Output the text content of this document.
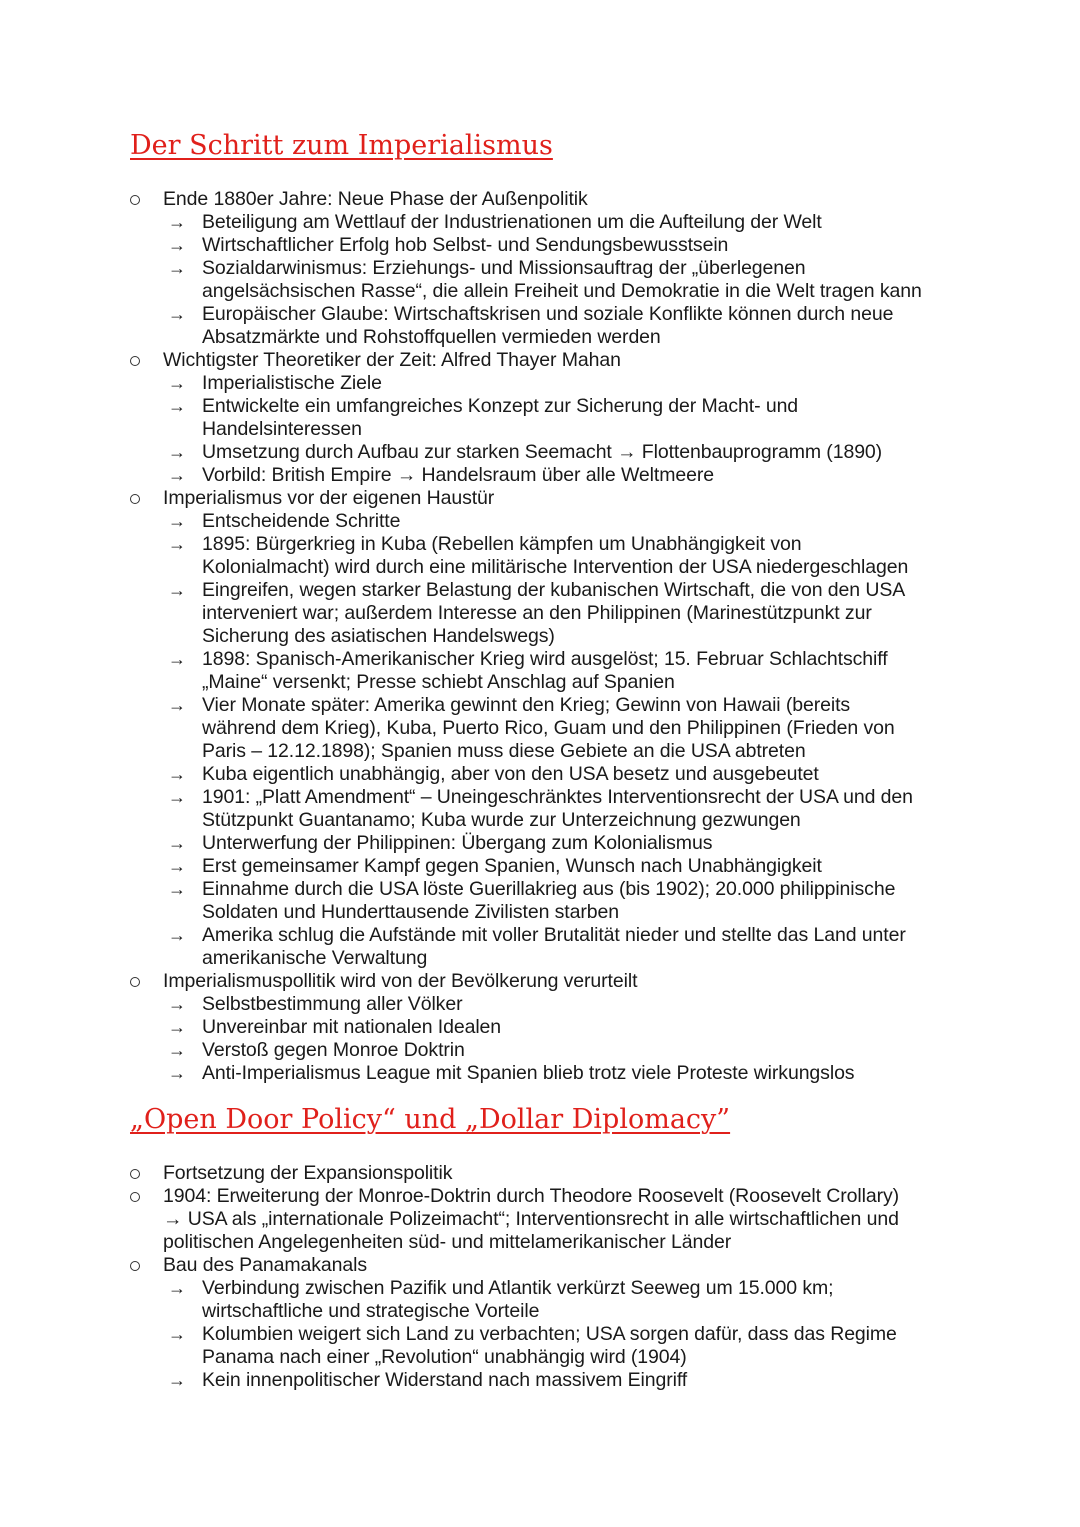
Der Schritt zum Imperialismus
Ende 1880er Jahre: Neue Phase der Außenpolitik
→ Beteiligung am Wettlauf der Industrienationen um die Aufteilung der Welt
→ Wirtschaftlicher Erfolg hob Selbst- und Sendungsbewusstsein
→ Sozialdarwinismus: Erziehungs- und Missionsauftrag der „überlegenen
angelsächsischen Rasse“, die allein Freiheit und Demokratie in die Welt tragen kann
→ Europäischer Glaube: Wirtschaftskrisen und soziale Konflikte können durch neue
Absatzmärkte und Rohstoffquellen vermieden werden
Wichtigster Theoretiker der Zeit: Alfred Thayer Mahan
→ Imperialistische Ziele
→ Entwickelte ein umfangreiches Konzept zur Sicherung der Macht- und
Handelsinteressen
→ Umsetzung durch Aufbau zur starken Seemacht → Flottenbauprogramm (1890)
→ Vorbild: British Empire → Handelsraum über alle Weltmeere
Imperialismus vor der eigenen Haustür
→ Entscheidende Schritte
→ 1895: Bürgerkrieg in Kuba (Rebellen kämpfen um Unabhängigkeit von
Kolonialmacht) wird durch eine militärische Intervention der USA niedergeschlagen
→ Eingreifen, wegen starker Belastung der kubanischen Wirtschaft, die von den USA
interveniert war; außerdem Interesse an den Philippinen (Marinestützpunkt zur
Sicherung des asiatischen Handelswegs)
→ 1898: Spanisch-Amerikanischer Krieg wird ausgelöst; 15. Februar Schlachtschiff
„Maine“ versenkt; Presse schiebt Anschlag auf Spanien
→ Vier Monate später: Amerika gewinnt den Krieg; Gewinn von Hawaii (bereits
während dem Krieg), Kuba, Puerto Rico, Guam und den Philippinen (Frieden von
Paris – 12.12.1898); Spanien muss diese Gebiete an die USA abtreten
→ Kuba eigentlich unabhängig, aber von den USA besetz und ausgebeutet
→ 1901: „Platt Amendment“ – Uneingeschränktes Interventionsrecht der USA und den
Stützpunkt Guantanamo; Kuba wurde zur Unterzeichnung gezwungen
→ Unterwerfung der Philippinen: Übergang zum Kolonialismus
→ Erst gemeinsamer Kampf gegen Spanien, Wunsch nach Unabhängigkeit
→ Einnahme durch die USA löste Guerillakrieg aus (bis 1902); 20.000 philippinische
Soldaten und Hunderttausende Zivilisten starben
→ Amerika schlug die Aufstände mit voller Brutalität nieder und stellte das Land unter
amerikanische Verwaltung
Imperialismuspollitik wird von der Bevölkerung verurteilt
→ Selbstbestimmung aller Völker
→ Unvereinbar mit nationalen Idealen
→ Verstoß gegen Monroe Doktrin
→ Anti-Imperialismus League mit Spanien blieb trotz viele Proteste wirkungslos
„Open Door Policy“ und „Dollar Diplomacy”
Fortsetzung der Expansionspolitik
1904: Erweiterung der Monroe-Doktrin durch Theodore Roosevelt (Roosevelt Crollary)
→ USA als „internationale Polizeimacht“; Interventionsrecht in alle wirtschaftlichen und
politischen Angelegenheiten süd- und mittelamerikanischer Länder
Bau des Panamakanals
→ Verbindung zwischen Pazifik und Atlantik verkürzt Seeweg um 15.000 km;
wirtschaftliche und strategische Vorteile
→ Kolumbien weigert sich Land zu verbachten; USA sorgen dafür, dass das Regime
Panama nach einer „Revolution“ unabhängig wird (1904)
→ Kein innenpolitischer Widerstand nach massivem Eingriff
